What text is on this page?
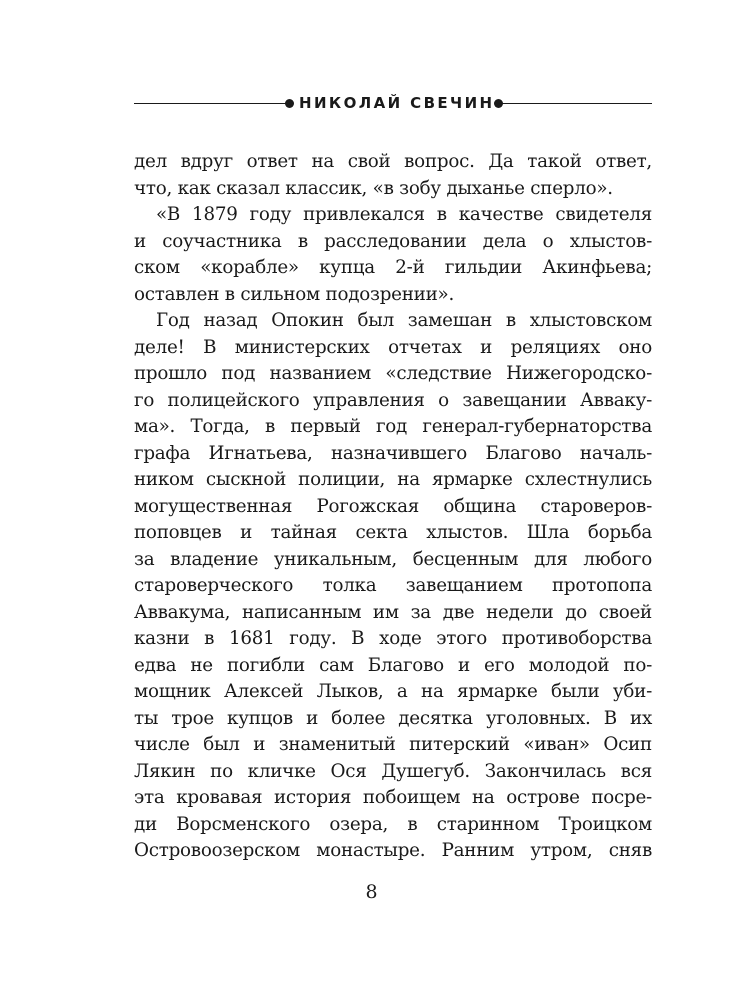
НИКОЛАЙ СВЕЧИН
дел вдруг ответ на свой вопрос. Да такой ответ,
что, как сказал классик, «в зобу дыханье сперло».
«В 1879 году привлекался в качестве свидетеля
и соучастника в расследовании дела о хлыстов-
ском «корабле» купца 2-й гильдии Акинфьева;
оставлен в сильном подозрении».
Год назад Опокин был замешан в хлыстовском
деле! В министерских отчетах и реляциях оно
прошло под названием «следствие Нижегородско-
го полицейского управления о завещании Авваку-
ма». Тогда, в первый год генерал-губернаторства
графа Игнатьева, назначившего Благово началь-
ником сыскной полиции, на ярмарке схлестнулись
могущественная Рогожская община староверов-
поповцев и тайная секта хлыстов. Шла борьба
за владение уникальным, бесценным для любого
староверческого толка завещанием протопопа
Аввакума, написанным им за две недели до своей
казни в 1681 году. В ходе этого противоборства
едва не погибли сам Благово и его молодой по-
мощник Алексей Лыков, а на ярмарке были уби-
ты трое купцов и более десятка уголовных. В их
числе был и знаменитый питерский «иван» Осип
Лякин по кличке Ося Душегуб. Закончилась вся
эта кровавая история побоищем на острове посре-
ди Ворсменского озера, в старинном Троицком
Островоозерском монастыре. Ранним утром, сняв
8
